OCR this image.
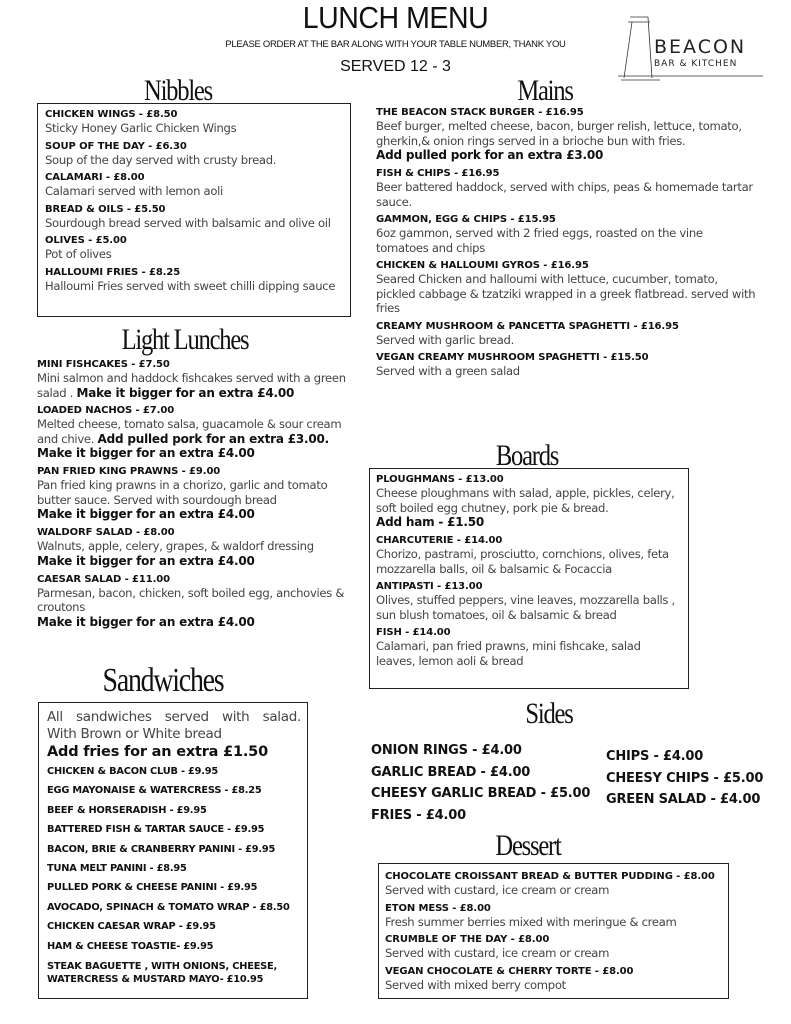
LUNCH MENU
PLEASE ORDER AT THE BAR ALONG WITH YOUR TABLE NUMBER, THANK YOU
SERVED 12 - 3
BEACON
BAR & KITCHEN
Nibbles
CHICKEN WINGS - £8.50
Sticky Honey Garlic Chicken Wings
SOUP OF THE DAY - £6.30
Soup of the day served with crusty bread.
CALAMARI - £8.00
Calamari served with lemon aoli
BREAD & OILS - £5.50
Sourdough bread served with balsamic and olive oil
OLIVES - £5.00
Pot of olives
HALLOUMI FRIES - £8.25
Halloumi Fries served with sweet chilli dipping sauce
Light Lunches
MINI FISHCAKES - £7.50
Mini salmon and haddock fishcakes served with a green salad . Make it bigger for an extra £4.00
LOADED NACHOS - £7.00
Melted cheese, tomato salsa, guacamole & sour cream and chive. Add pulled pork for an extra £3.00.
Make it bigger for an extra £4.00
PAN FRIED KING PRAWNS - £9.00
Pan fried king prawns in a chorizo, garlic and tomato butter sauce. Served with sourdough bread
Make it bigger for an extra £4.00
WALDORF SALAD - £8.00
Walnuts, apple, celery, grapes, & waldorf dressing
Make it bigger for an extra £4.00
CAESAR SALAD - £11.00
Parmesan, bacon, chicken, soft boiled egg, anchovies & croutons
Make it bigger for an extra £4.00
Sandwiches
All sandwiches served with salad.
With Brown or White bread
Add fries for an extra £1.50
CHICKEN & BACON CLUB - £9.95
EGG MAYONAISE & WATERCRESS - £8.25
BEEF & HORSERADISH - £9.95
BATTERED FISH & TARTAR SAUCE - £9.95
BACON, BRIE & CRANBERRY PANINI - £9.95
TUNA MELT PANINI - £8.95
PULLED PORK & CHEESE PANINI - £9.95
AVOCADO, SPINACH & TOMATO WRAP - £8.50
CHICKEN CAESAR WRAP - £9.95
HAM & CHEESE TOASTIE- £9.95
STEAK BAGUETTE , WITH ONIONS, CHEESE, WATERCRESS & MUSTARD MAYO- £10.95
Mains
THE BEACON STACK BURGER - £16.95
Beef burger, melted cheese, bacon, burger relish, lettuce, tomato, gherkin,& onion rings served in a brioche bun with fries.
Add pulled pork for an extra £3.00
FISH & CHIPS - £16.95
Beer battered haddock, served with chips, peas & homemade tartar sauce.
GAMMON, EGG & CHIPS - £15.95
6oz gammon, served with 2 fried eggs, roasted on the vine tomatoes and chips
CHICKEN & HALLOUMI GYROS - £16.95
Seared Chicken and halloumi with lettuce, cucumber, tomato, pickled cabbage & tzatziki wrapped in a greek flatbread. served with fries
CREAMY MUSHROOM & PANCETTA SPAGHETTI - £16.95
Served with garlic bread.
VEGAN CREAMY MUSHROOM SPAGHETTI - £15.50
Served with a green salad
Boards
PLOUGHMANS - £13.00
Cheese ploughmans with salad, apple, pickles, celery, soft boiled egg chutney, pork pie & bread.
Add ham - £1.50
CHARCUTERIE - £14.00
Chorizo, pastrami, prosciutto, cornchions, olives, feta mozzarella balls, oil & balsamic & Focaccia
ANTIPASTI - £13.00
Olives, stuffed peppers, vine leaves, mozzarella balls , sun blush tomatoes, oil & balsamic & bread
FISH - £14.00
Calamari, pan fried prawns, mini fishcake, salad leaves, lemon aoli & bread
Sides
ONION RINGS - £4.00
GARLIC BREAD - £4.00
CHEESY GARLIC BREAD - £5.00
FRIES - £4.00
CHIPS - £4.00
CHEESY CHIPS - £5.00
GREEN SALAD - £4.00
Dessert
CHOCOLATE CROISSANT BREAD & BUTTER PUDDING - £8.00
Served with custard, ice cream or cream
ETON MESS - £8.00
Fresh summer berries mixed with meringue & cream
CRUMBLE OF THE DAY - £8.00
Served with custard, ice cream or cream
VEGAN CHOCOLATE & CHERRY TORTE - £8.00
Served with mixed berry compot
